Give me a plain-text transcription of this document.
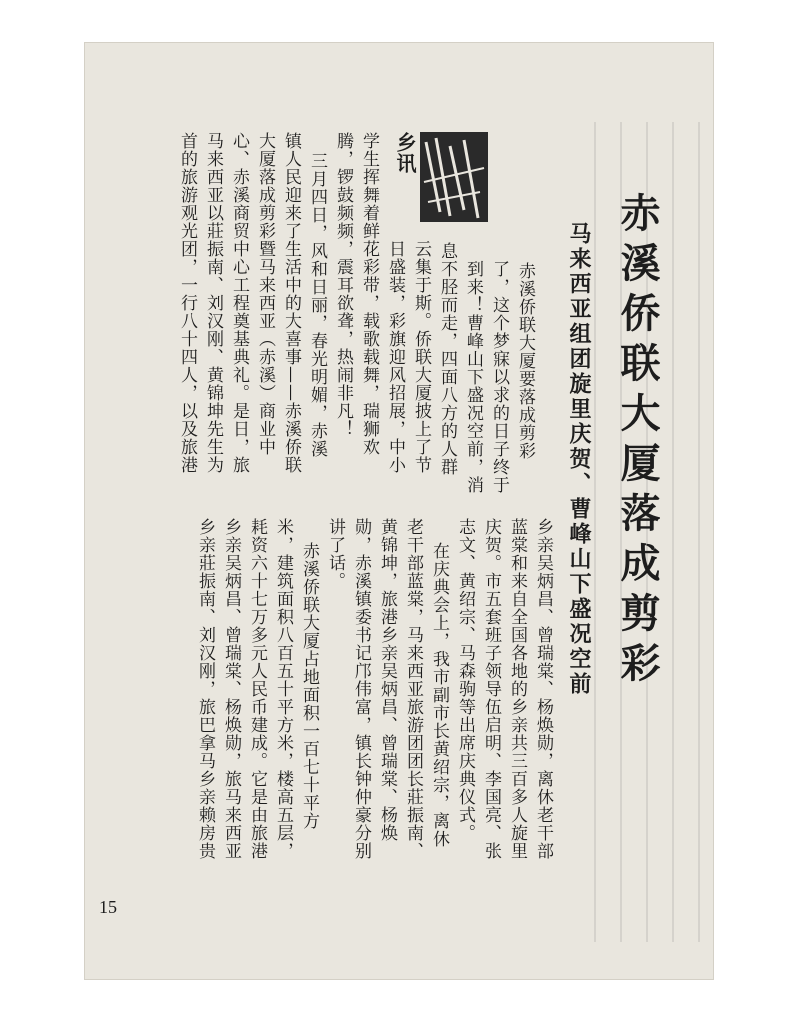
赤溪侨联大厦落成剪彩
马来西亚组团旋里庆贺、曹峰山下盛况空前
乡讯
赤溪侨联大厦要落成剪彩
了，这个梦寐以求的日子终于
到来！曹峰山下盛况空前，消
息不胫而走，四面八方的人群
云集于斯。侨联大厦披上了节
日盛装，彩旗迎风招展，中小
学生挥舞着鲜花彩带，载歌载舞，瑞狮欢
腾，锣鼓频频，震耳欲聋，热闹非凡！
三月四日，风和日丽，春光明媚，赤溪
镇人民迎来了生活中的大喜事——赤溪侨联
大厦落成剪彩暨马来西亚（赤溪）商业中
心、赤溪商贸中心工程奠基典礼。是日，旅
马来西亚以莊振南、刘汉刚、黄锦坤先生为
首的旅游观光团，一行八十四人，以及旅港
乡亲吴炳昌、曾瑞棠、杨焕勋，离休老干部
蓝棠和来自全国各地的乡亲共三百多人旋里
庆贺。市五套班子领导伍启明、李国亮、张
志文、黄绍宗、马森驹等出席庆典仪式。
在庆典会上，我市副市长黄绍宗，离休
老干部蓝棠，马来西亚旅游团团长莊振南、
黄锦坤，旅港乡亲吴炳昌、曾瑞棠、杨焕
勋，赤溪镇委书记邝伟富，镇长钟仲豪分别
讲了话。
赤溪侨联大厦占地面积一百七十平方
米，建筑面积八百五十平方米，楼高五层，
耗资六十七万多元人民币建成。它是由旅港
乡亲吴炳昌、曾瑞棠、杨焕勋，旅马来西亚
乡亲莊振南、刘汉刚，旅巴拿马乡亲赖房贵
15
